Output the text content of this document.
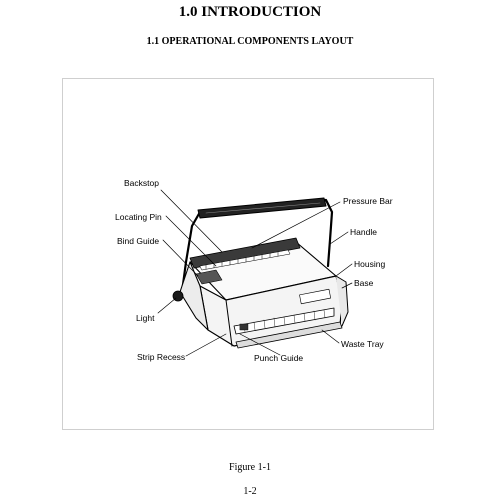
1.0 INTRODUCTION
1.1 OPERATIONAL COMPONENTS LAYOUT
Backstop
Locating Pin
Bind Guide
Light
Strip Recess	Punch Guide
Pressure Bar
Handle
Housing
Base
Waste Tray

Figure 1-1

1-2
